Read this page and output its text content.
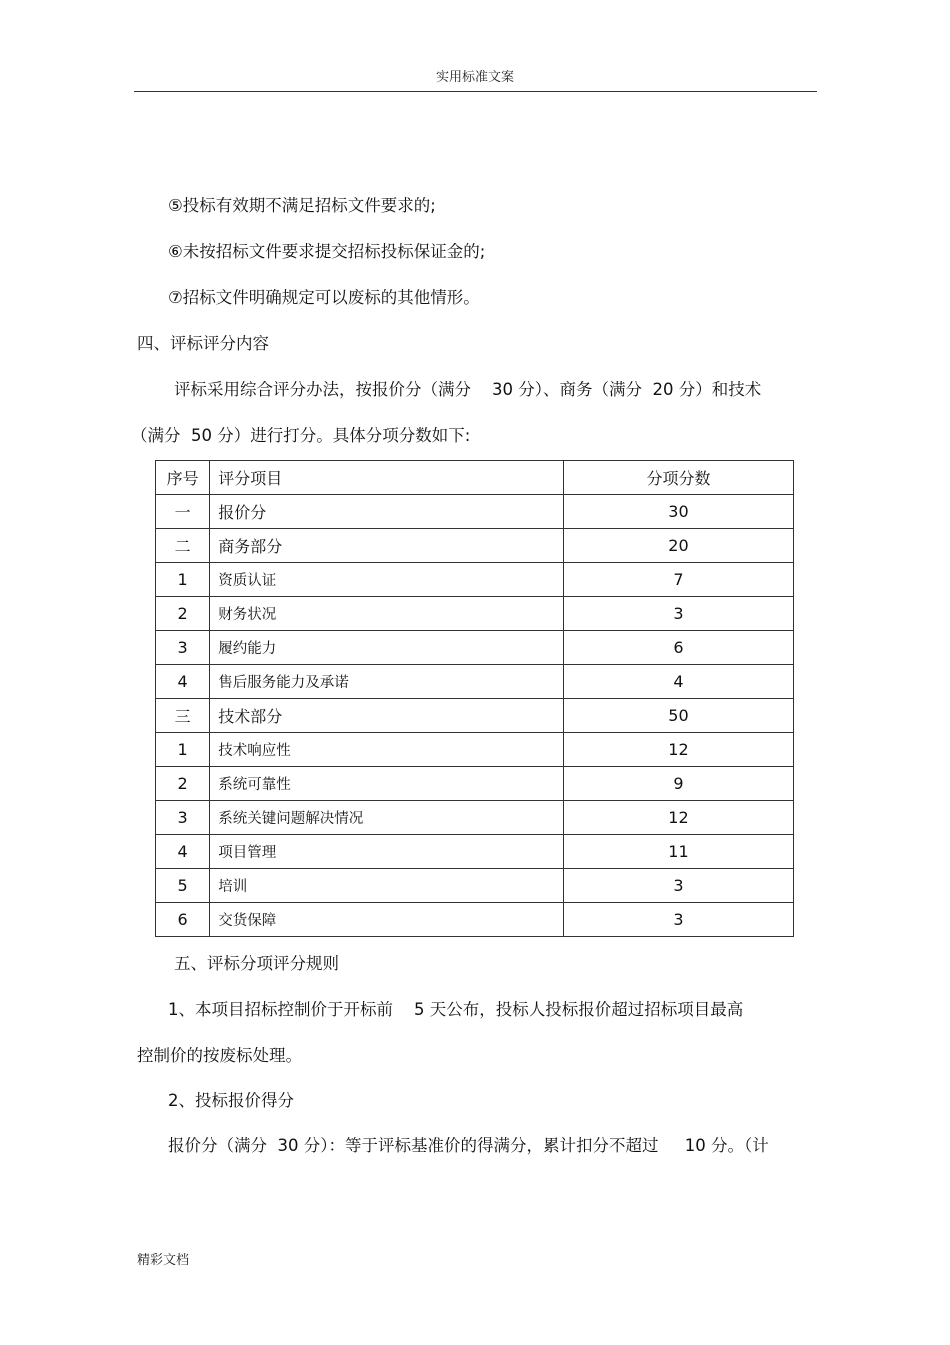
实用标准文案
⑤投标有效期不满足招标文件要求的;
⑥未按招标文件要求提交招标投标保证金的;
⑦招标文件明确规定可以废标的其他情形。
四、评标评分内容
评标采用综合评分办法，按报价分（满分    30 分）、商务（满分  20 分）和技术
（满分  50 分）进行打分。具体分项分数如下:
序号	评分项目	分项分数
一	报价分	30
二	商务部分	20
1	资质认证	7
2	财务状况	3
3	履约能力	6
4	售后服务能力及承诺	4
三	技术部分	50
1	技术响应性	12
2	系统可靠性	9
3	系统关键问题解决情况	12
4	项目管理	11
5	培训	3
6	交货保障	3
五、评标分项评分规则
1、本项目招标控制价于开标前    5 天公布，投标人投标报价超过招标项目最高
控制价的按废标处理。
2、投标报价得分
报价分（满分  30 分）：等于评标基准价的得满分，累计扣分不超过     10 分。（计
精彩文档
